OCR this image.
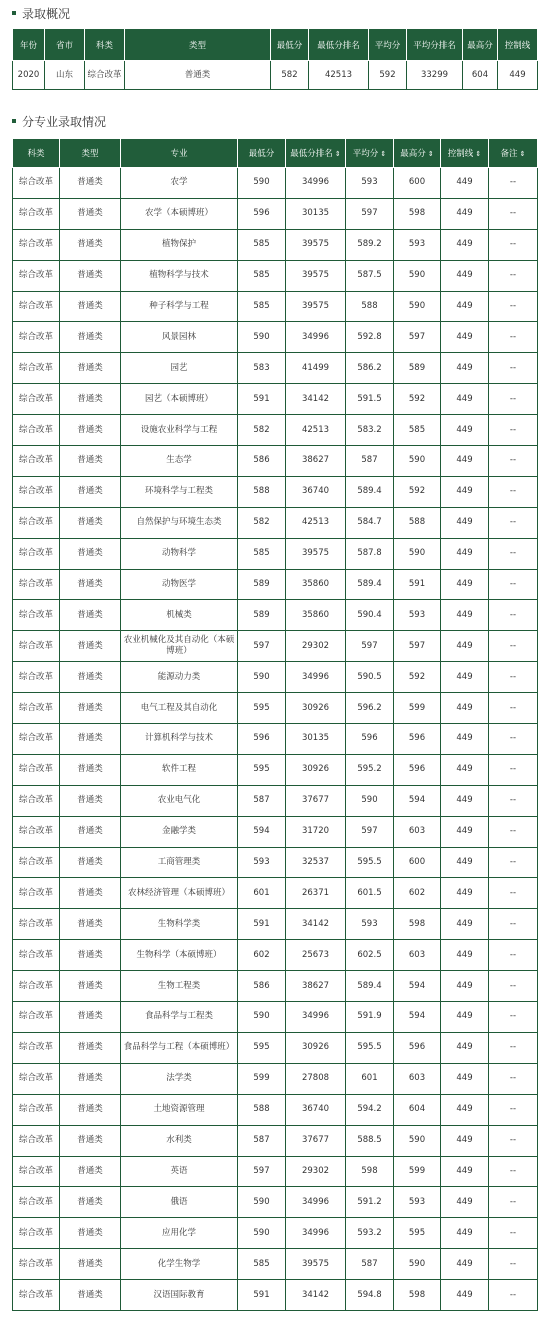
录取概况
年份	省市	科类	类型	最低分	最低分排名	平均分	平均分排名	最高分	控制线
2020	山东	综合改革	普通类	582	42513	592	33299	604	449
分专业录取情况
科类	类型	专业	最低分	最低分排名 ⇕	平均分 ⇕	最高分 ⇕	控制线 ⇕	备注 ⇕
综合改革	普通类	农学	590	34996	593	600	449	--
综合改革	普通类	农学（本硕博班）	596	30135	597	598	449	--
综合改革	普通类	植物保护	585	39575	589.2	593	449	--
综合改革	普通类	植物科学与技术	585	39575	587.5	590	449	--
综合改革	普通类	种子科学与工程	585	39575	588	590	449	--
综合改革	普通类	风景园林	590	34996	592.8	597	449	--
综合改革	普通类	园艺	583	41499	586.2	589	449	--
综合改革	普通类	园艺（本硕博班）	591	34142	591.5	592	449	--
综合改革	普通类	设施农业科学与工程	582	42513	583.2	585	449	--
综合改革	普通类	生态学	586	38627	587	590	449	--
综合改革	普通类	环境科学与工程类	588	36740	589.4	592	449	--
综合改革	普通类	自然保护与环境生态类	582	42513	584.7	588	449	--
综合改革	普通类	动物科学	585	39575	587.8	590	449	--
综合改革	普通类	动物医学	589	35860	589.4	591	449	--
综合改革	普通类	机械类	589	35860	590.4	593	449	--
综合改革	普通类	农业机械化及其自动化（本硕博班）	597	29302	597	597	449	--
综合改革	普通类	能源动力类	590	34996	590.5	592	449	--
综合改革	普通类	电气工程及其自动化	595	30926	596.2	599	449	--
综合改革	普通类	计算机科学与技术	596	30135	596	596	449	--
综合改革	普通类	软件工程	595	30926	595.2	596	449	--
综合改革	普通类	农业电气化	587	37677	590	594	449	--
综合改革	普通类	金融学类	594	31720	597	603	449	--
综合改革	普通类	工商管理类	593	32537	595.5	600	449	--
综合改革	普通类	农林经济管理（本硕博班）	601	26371	601.5	602	449	--
综合改革	普通类	生物科学类	591	34142	593	598	449	--
综合改革	普通类	生物科学（本硕博班）	602	25673	602.5	603	449	--
综合改革	普通类	生物工程类	586	38627	589.4	594	449	--
综合改革	普通类	食品科学与工程类	590	34996	591.9	594	449	--
综合改革	普通类	食品科学与工程（本硕博班）	595	30926	595.5	596	449	--
综合改革	普通类	法学类	599	27808	601	603	449	--
综合改革	普通类	土地资源管理	588	36740	594.2	604	449	--
综合改革	普通类	水利类	587	37677	588.5	590	449	--
综合改革	普通类	英语	597	29302	598	599	449	--
综合改革	普通类	俄语	590	34996	591.2	593	449	--
综合改革	普通类	应用化学	590	34996	593.2	595	449	--
综合改革	普通类	化学生物学	585	39575	587	590	449	--
综合改革	普通类	汉语国际教育	591	34142	594.8	598	449	--
